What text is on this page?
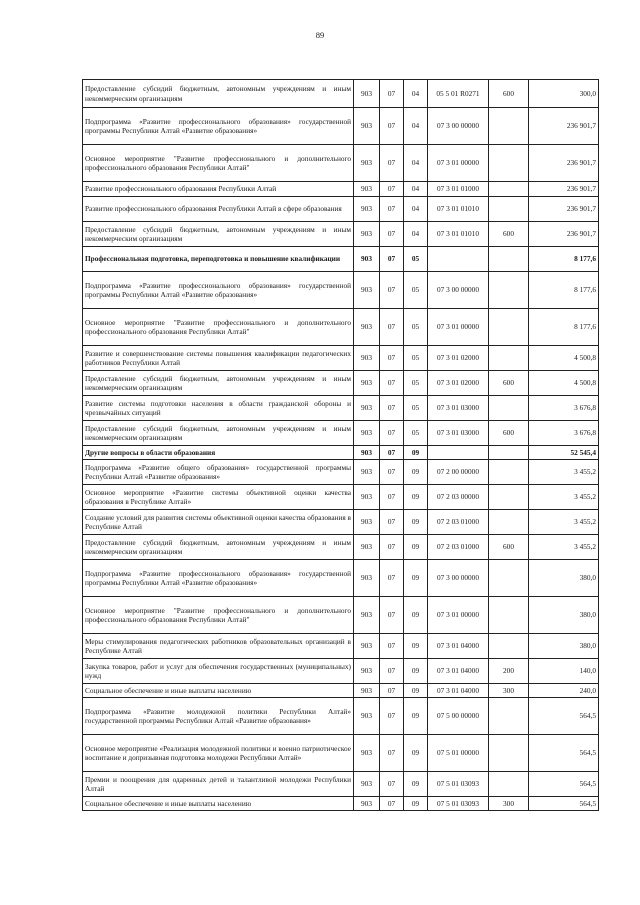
89
Предоставление субсидий бюджетным, автономным учреждениям и иным некоммерческим организациям	903	07	04	05 5 01 R0271	600	300,0
Подпрограмма «Развитие профессионального образования» государственной программы Республики Алтай «Развитие образования»	903	07	04	07 3 00 00000		236 901,7
Основное мероприятие "Развитие профессионального и дополнительного профессионального образования Республики Алтай"	903	07	04	07 3 01 00000		236 901,7
Развитие профессионального образования Республики Алтай	903	07	04	07 3 01 01000		236 901,7
Развитие профессионального образования Республики Алтай в сфере образования	903	07	04	07 3 01 01010		236 901,7
Предоставление субсидий бюджетным, автономным учреждениям и иным некоммерческим организациям	903	07	04	07 3 01 01010	600	236 901,7
Профессиональная подготовка, переподготовка и повышение квалификации	903	07	05			8 177,6
Подпрограмма «Развитие профессионального образования» государственной программы Республики Алтай «Развитие образования»	903	07	05	07 3 00 00000		8 177,6
Основное мероприятие "Развитие профессионального и дополнительного профессионального образования Республики Алтай"	903	07	05	07 3 01 00000		8 177,6
Развитие и совершенствование системы повышения квалификации педагогических работников Республики Алтай	903	07	05	07 3 01 02000		4 500,8
Предоставление субсидий бюджетным, автономным учреждениям и иным некоммерческим организациям	903	07	05	07 3 01 02000	600	4 500,8
Развитие системы подготовки населения в области гражданской обороны и чрезвычайных ситуаций	903	07	05	07 3 01 03000		3 676,8
Предоставление субсидий бюджетным, автономным учреждениям и иным некоммерческим организациям	903	07	05	07 3 01 03000	600	3 676,8
Другие вопросы в области образования	903	07	09			52 545,4
Подпрограмма «Развитие общего образования» государственной программы Республики Алтай «Развитие образования»	903	07	09	07 2 00 00000		3 455,2
Основное мероприятие «Развитие системы объективной оценки качества образования в Республике Алтай»	903	07	09	07 2 03 00000		3 455,2
Создание условий для развития системы объективной оценки качества образования в Республике Алтай	903	07	09	07 2 03 01000		3 455,2
Предоставление субсидий бюджетным, автономным учреждениям и иным некоммерческим организациям	903	07	09	07 2 03 01000	600	3 455,2
Подпрограмма «Развитие профессионального образования» государственной программы Республики Алтай «Развитие образования»	903	07	09	07 3 00 00000		380,0
Основное мероприятие "Развитие профессионального и дополнительного профессионального образования Республики Алтай"	903	07	09	07 3 01 00000		380,0
Меры стимулирования педагогических работников образовательных организаций в Республике Алтай	903	07	09	07 3 01 04000		380,0
Закупка товаров, работ и услуг для обеспечения государственных (муниципальных) нужд	903	07	09	07 3 01 04000	200	140,0
Социальное обеспечение и иные выплаты населению	903	07	09	07 3 01 04000	300	240,0
Подпрограмма «Развитие молодежной политики Республики Алтай» государственной программы Республики Алтай «Развитие образования»	903	07	09	07 5 00 00000		564,5
Основное мероприятие «Реализация молодежной политики и военно патриотическое воспитание и допризывная подготовка молодежи Республики Алтай»	903	07	09	07 5 01 00000		564,5
Премии и поощрения для одаренных детей и талантливой молодежи Республики Алтай	903	07	09	07 5 01 03093		564,5
Социальное обеспечение и иные выплаты населению	903	07	09	07 5 01 03093	300	564,5
